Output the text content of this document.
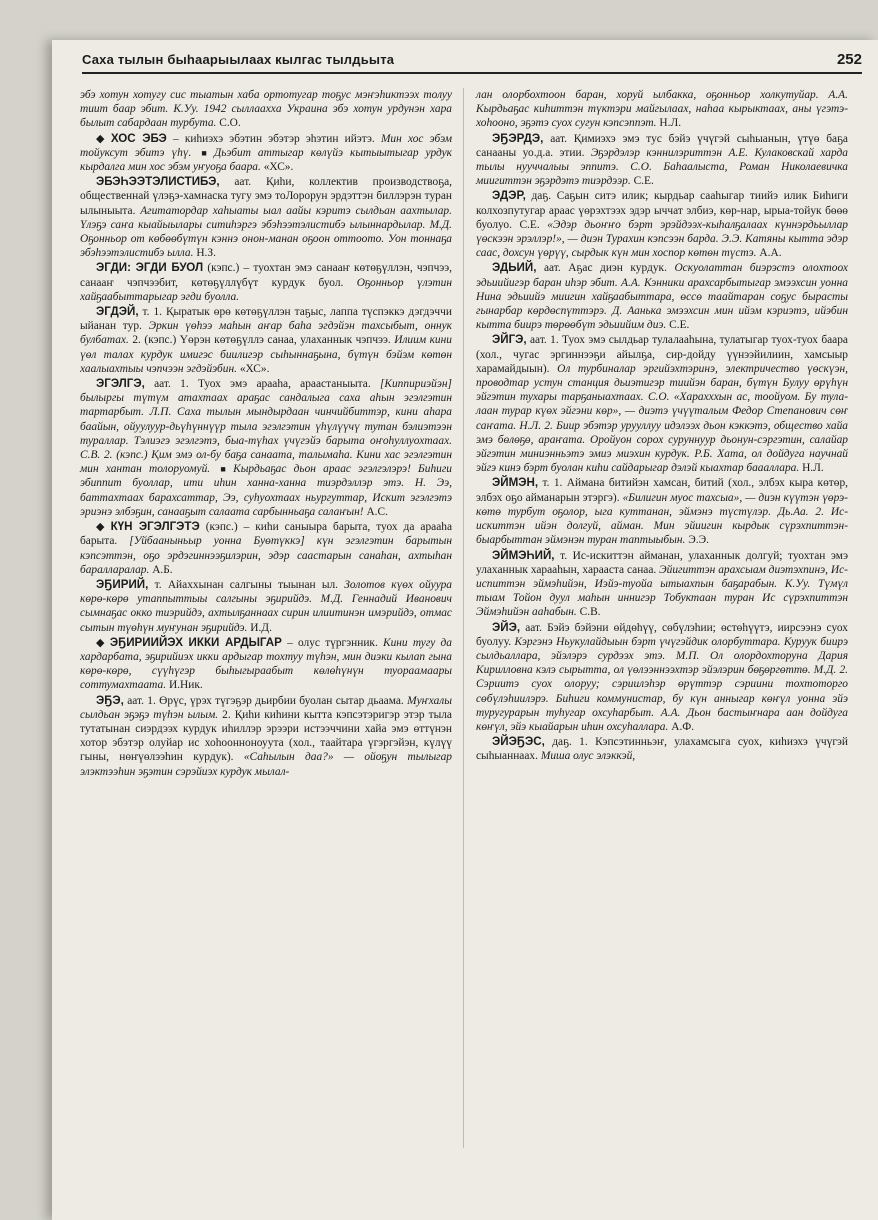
Саха тылын быһаарыылаах кылгас тылдьыта	252

эбэ хотун хотугу сис тыатын хаба ортотугар тоҕус мэҥэһиктээх толуу тиит баар эбит. К.Уу. 1942 сыллааххa Украина эбэ хотун урдунэн хара былыт сабардаан турбута. С.О.

◆ ХОС ЭБЭ – киһиэхэ эбэтин эбэтэр эһэтин ийэтэ. Мин хос эбэм тойуксут эбитэ үһү. ■ Дьэбит аттыгар көлүйэ кытыытыгар урдук кырдалга мин хос эбэм уҥуоҕа баара. «ХС».

ЭБЭҺЭЭТЭЛИСТИБЭ, аат. Қиһи, коллектив производствоҕа, общественнай үлэҕэ-хамнаска тугу эмэ тоЛорорун эрдэттэн биллэрэн туран ылыныыта. Агитатордар хаһыаты ыал аайы кэритэ сылдьан аахтылар. Үлэҕэ саҥа кыайыылары ситиһэргэ эбэһээтэлистибэ ылыннардылар. М.Д. Оҕонньор от көбөөбүтүн кэннэ онон-манан оҕоон оттоото. Уон тоннаҕа эбэһээтэлистибэ ылла. Н.З.

ЭГДИ: ЭГДИ БУОЛ (кэпс.) – туохтан эмэ санааҥ көтөҕүллэн, чэпчээ, санааҥ чэпчээбит, көтөҕүллүбүт курдук буол. Оҕонньор үлэтин хайҕаабыттарыгар эгди буолла.

ЭГДЭЙ, т. 1. Қыратык өрө көтөҕүллэн таҕыс, лаппа түспэккэ дэгдэччи ыйанан тур. Эркин үөһээ маһын аҥар баһа эгдэйэн тахсыбыт, оннук булбатах. 2. (кэпс.) Үөрэн көтөҕүллэ санаа, улаханнык чэпчээ. Илиим кини үөл талах курдук имигэс биилигэр сыһыннаҕына, бүтүн бэйэм көтөн хаалыахтыы чэпчээн эгдэйэбин. «ХС».

ЭГЭЛГЭ, аат. 1. Туох эмэ арааһа, араастаныыта. [Киппириэйэн] былыргы түтүм атахтаах араҕас сандалыга саха аһын эгэлгэтин тартарбыт. Л.П. Саха тылын мындырдаан чинчийбиттэр, кини аһара баайын, ойуулуур-дьүһүннүүр тыла эгэлгэтин үһүлүүчү тутан бэлиэтээн тураллар. Тэлиэгэ эгэлгэтэ, быа-түһах үчүгэйэ барыта оҥоһуллуохтаах. С.В. 2. (кэпс.) Қим эмэ ол-бу баҕа санаата, талымаһа. Кини хас эгэлгэтин мин хантан толоруомуй. ■ Кырдьаҕас дьон араас эгэлгэлэрэ! Биһиги эбиппит буоллар, ити иһин ханна-ханна тиэрдэллэр этэ. Н. Ээ, баттахтаах барахсаттар, Ээ, суһуохтаах ньургуттар, Искит эгэлгэтэ эриэнэ элбэҕин, санааҕыт салаата сарбынньаҕа салаҥын! А.С.

◆ КҮН ЭГЭЛГЭТЭ (кэпс.) – киһи саныыра барыта, туох да арааһа барыта. [Уйбааныньыр уонна Буөтүккэ] күн эгэлгэтин барытын кэпсэттэн, оҕо эрдэгиннээҕилэрин, эдэр саастарын санаһан, ахтыһан баралларалар. А.Б.

ЭҔИРИЙ, т. Айаххынан салгыны тыынан ыл. Золотов күөх ойуура көрө-көрө утаппыттыы салгыны эҕирийдэ. М.Д. Геннадий Иванович сымнаҕас окко тиэрийдэ, ахтылҕаннаах сирин илиитинэн имэрийдэ, отмас сытын түөһүн муҥунан эҕирийдэ. И.Д.

◆ ЭҔИРИИЙЭХ ИККИ АРДЫГАР – олус түргэнник. Кини тугу да хардарбата, эҕирийиэх икки ардыгар тохтуу түһэн, мин диэки кылап гына көрө-көрө, сүүһүгэр быһыгыраабыт көлөһүнүн туораамаары соттумахтаата. И.Ник.

ЭҔЭ, аат. 1. Өрүс, үрэх түгэҕэр дьирбии буолан сытар дьаама. Муҥхалы сылдьан эҕэҕэ түһэн ылым. 2. Қиһи киһини кытта кэпсэтэригэр этэр тыла тутатынан сиэрдээх курдук иһиллэр эрээри истээччини хайа эмэ өттүнэн хотор эбэтэр олуйар ис хоһоонноноуута (хол., таайтара үгэргэйэн, күлүү гыны, нөҥүөлээһин курдук). «Саһылын даа?» — ойоҕун тылыгар элэктээһин эҕэтин сэрэйиэх курдук мылал-

лан олорбохтоон баран, хоруй ылбакка, оҕонньор холкутуйар. А.А. Кырдьаҕас киһиттэн түктэри майгылаах, наһаа кырыктаах, аны үгэтэ-хоһооно, эҕэтэ суох сугун кэпсэппэт. Н.Л.

ЭҔЭРДЭ, аат. Қимиэхэ эмэ тус бэйэ үчүгэй сыһыанын, үтүө баҕа санааны уо.д.а. этии. Эҕэрдэлэр кэннилэриттэн А.Е. Кулаковскай харда тылы нууччалыы эппитэ. С.О. Баһаалыста, Роман Николаевичка миигиттэн эҕэрдэтэ тиэрдээр. С.Е.

ЭДЭР, даҕ. Саҕын ситэ илик; кырдьар сааһыгар тиийэ илик Биһиги колхозпутугар араас үөрэхтээх эдэр ыччат элбиэ, көр-нар, ырыа-тойук бөөө буолуо. С.Е. «Эдэр дьоҥҥо бэрт эрэйдээх-кыһалҕалаах күннэрдьыллар үөскээн эрэллэр!», — диэн Турахин кэпсээн барда. Э.Э. Катяны кытта эдэр саас, дохсун үөрүү, сырдык күн мин хоспор көтөн түстэ. А.А.

ЭДЬИЙ, аат. Аҕас диэн курдук. Оскуолаттан биэрэстэ олохтоох эдьиийигэр баран иһэр эбит. А.А. Кэнники арахсарбытыгар эмээхсин уонна Нина эдьиийэ миигин хайҕаабыттара, өссө таайтаран соҕус бырасты гынарбар көрдөспүттэрэ. Д. Аанька эмээхсин мин ийэм кэриэтэ, ийэбин кытта биирэ төрөөбүт эдьиийим диэ. С.Е.

ЭЙГЭ, аат. 1. Туох эмэ сылдьар тулалааһына, тулатыгар туох-туох баара (хол., чугас эргиннээҕи айылҕа, сир-дойду үүнээйилиин, хамсыыр харамайдыын). Ол турбиналар эргийэхтэринэ, электричество үөскүэн, проводтар устун станция дьиэтигэр тиийэн баран, бүтүн Булуу өрүһүн эйгэтин тухары тарҕаныахтаах. С.О. «Харахххын ас, тоойуом. Бу тулалаан турар күөх эйгэни көр», — диэтэ үчүүталым Федор Степанович сөҥ саҥата. Н.Л. 2. Биир эбэтэр урууллуу идэлээх дьон кэккэтэ, общество хайа эмэ бөлөҕө, араҥата. Оройуон сорох суруннуур дьонун-сэргэтин, салайар эйгэтин миниэнньэтэ эмиэ миэхин курдук. Р.Б. Хата, ол дойдуга научнай эйгэ кинэ бэрт буолан киһи сайдарыгар дэлэй кыахтар баааллара. Н.Л.

ЭЙМЭН, т. 1. Аймана битийэн хамсан, битий (хол., элбэх кыра көтөр, элбэх оҕо айманарын этэргэ). «Билигин муос тахсыа», — диэн күүтэн үөрэ-көтө турбут оҕолор, ыга куттанан, эймэнэ түстүлэр. Дь.Аа. 2. Ис-искиттэн ийэн долгуй, айман. Мин эйиигин кырдык сүрэхпиттэн-быарбыттан эймэнэн туран таптыыбын. Э.Э.

ЭЙМЭҺИЙ, т. Ис-искиттэн айманан, улаханнык долгуй; туохтан эмэ улаханнык харааһын, харааста санаа. Эйигиттэн арахсыам диэтэхпинэ, Ис-испиттэн эймэһийэн, Иэйэ-туойа ытыахпын баҕарабын. К.Уу. Түмүл тыам Тойон дуул маһын иннигэр Тобуктаан туран Ис сүрэхпиттэн Эймэһийэн ааһабын. С.В.

ЭЙЭ, аат. Бэйэ бэйэни өйдөһүү, сөбүлэһии; өстөһүүтэ, иирсээнэ суох буолуу. Кэргэнэ Ньукулайдыын бэрт үчүгэйдик олорбуттара. Куруук биирэ сылдьаллара, эйэлэрэ сурдээх этэ. М.П. Ол олордохторуна Дария Кирилловна кэлэ сырытта, ол үөлээннээхтэр эйэлэрин бөҕөргөттө. М.Д. 2. Сэриитэ суох олоруу; сэриилэһэр өрүттэр сэриини тохтоторго сөбүлэһиилэрэ. Биһиги коммунистар, бу күн анныгар көҥүл уонна эйэ туругурарын туһугар охсуһарбыт. А.А. Дьон бастыҥнара аан дойдуга көҥүл, эйэ кыайарын иһин охсуһаллара. А.Ф.

ЭЙЭҔЭС, даҕ. 1. Кэпсэтинньэҥ, улахамсыга суох, киһиэхэ үчүгэй сыһыаннаах. Миша олус элэккэй,
